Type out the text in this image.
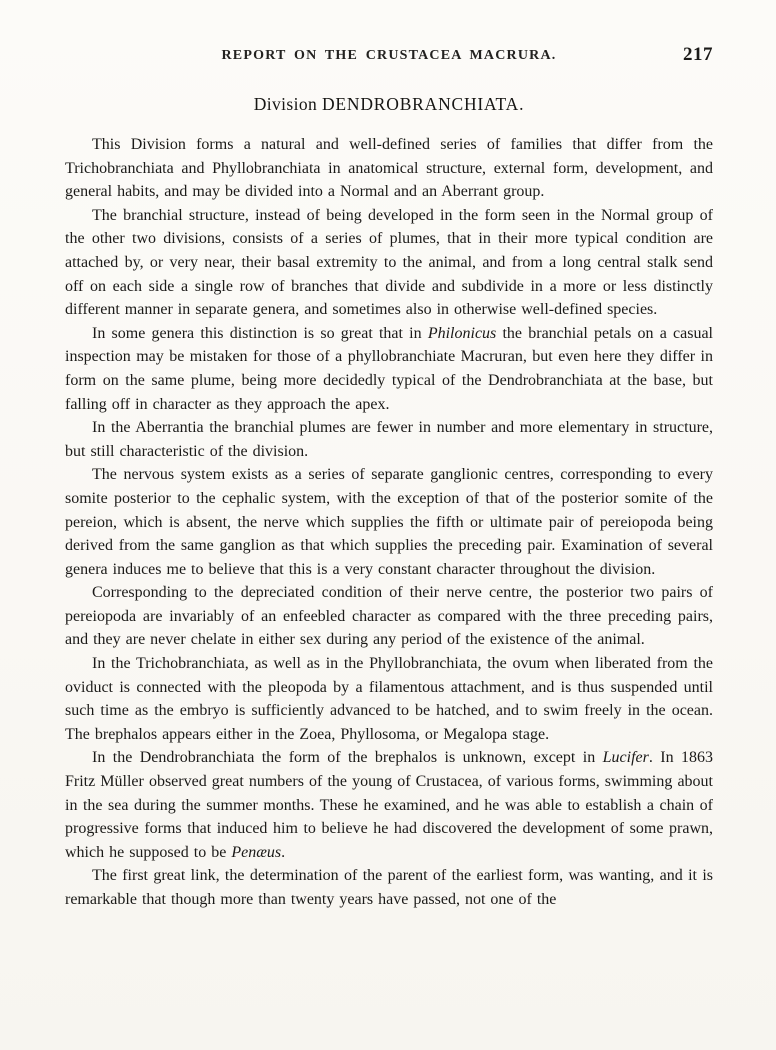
REPORT ON THE CRUSTACEA MACRURA.	217
Division DENDROBRANCHIATA.

This Division forms a natural and well-defined series of families that differ from the Trichobranchiata and Phyllobranchiata in anatomical structure, external form, development, and general habits, and may be divided into a Normal and an Aberrant group.

The branchial structure, instead of being developed in the form seen in the Normal group of the other two divisions, consists of a series of plumes, that in their more typical condition are attached by, or very near, their basal extremity to the animal, and from a long central stalk send off on each side a single row of branches that divide and subdivide in a more or less distinctly different manner in separate genera, and sometimes also in otherwise well-defined species.

In some genera this distinction is so great that in Philonicus the branchial petals on a casual inspection may be mistaken for those of a phyllobranchiate Macruran, but even here they differ in form on the same plume, being more decidedly typical of the Dendrobranchiata at the base, but falling off in character as they approach the apex.

In the Aberrantia the branchial plumes are fewer in number and more elementary in structure, but still characteristic of the division.

The nervous system exists as a series of separate ganglionic centres, corresponding to every somite posterior to the cephalic system, with the exception of that of the posterior somite of the pereion, which is absent, the nerve which supplies the fifth or ultimate pair of pereiopoda being derived from the same ganglion as that which supplies the preceding pair. Examination of several genera induces me to believe that this is a very constant character throughout the division.

Corresponding to the depreciated condition of their nerve centre, the posterior two pairs of pereiopoda are invariably of an enfeebled character as compared with the three preceding pairs, and they are never chelate in either sex during any period of the existence of the animal.

In the Trichobranchiata, as well as in the Phyllobranchiata, the ovum when liberated from the oviduct is connected with the pleopoda by a filamentous attachment, and is thus suspended until such time as the embryo is sufficiently advanced to be hatched, and to swim freely in the ocean. The brephalos appears either in the Zoea, Phyllosoma, or Megalopa stage.

In the Dendrobranchiata the form of the brephalos is unknown, except in Lucifer. In 1863 Fritz Müller observed great numbers of the young of Crustacea, of various forms, swimming about in the sea during the summer months. These he examined, and he was able to establish a chain of progressive forms that induced him to believe he had discovered the development of some prawn, which he supposed to be Penæus.

The first great link, the determination of the parent of the earliest form, was wanting, and it is remarkable that though more than twenty years have passed, not one of the
